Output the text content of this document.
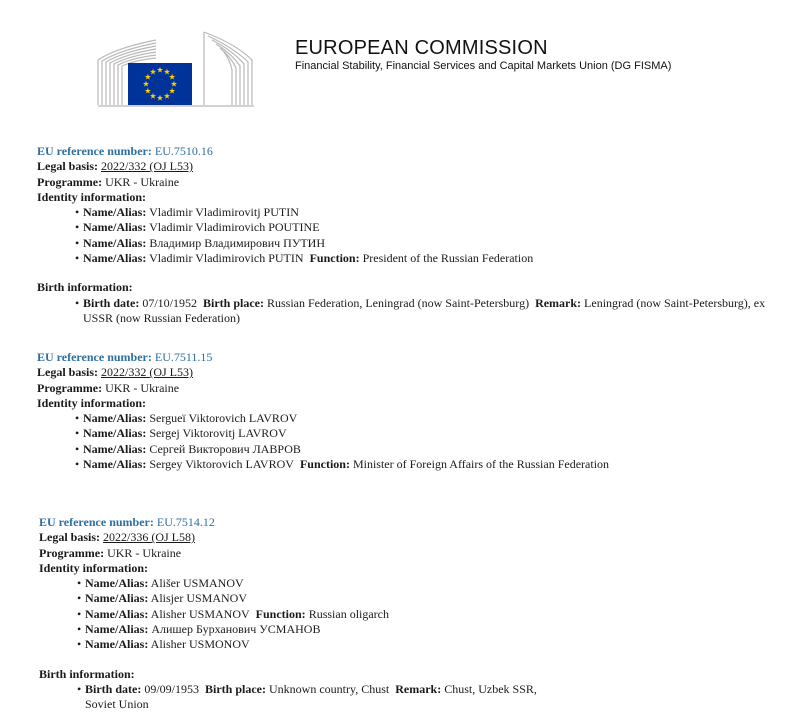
EUROPEAN COMMISSION
Financial Stability, Financial Services and Capital Markets Union (DG FISMA)
EU reference number: EU.7510.16
Legal basis: 2022/332 (OJ L53)
Programme: UKR - Ukraine
Identity information:
• Name/Alias: Vladimir Vladimirovitj PUTIN
• Name/Alias: Vladimir Vladimirovich POUTINE
• Name/Alias: Владимир Владимирович ПУТИН
• Name/Alias: Vladimir Vladimirovich PUTIN Function: President of the Russian Federation
Birth information:
• Birth date: 07/10/1952 Birth place: Russian Federation, Leningrad (now Saint-Petersburg) Remark: Leningrad (now Saint-Petersburg), ex
USSR (now Russian Federation)
EU reference number: EU.7511.15
Legal basis: 2022/332 (OJ L53)
Programme: UKR - Ukraine
Identity information:
• Name/Alias: Sergueï Viktorovich LAVROV
• Name/Alias: Sergej Viktorovitj LAVROV
• Name/Alias: Сергей Викторович ЛАВРОВ
• Name/Alias: Sergey Viktorovich LAVROV Function: Minister of Foreign Affairs of the Russian Federation
EU reference number: EU.7514.12
Legal basis: 2022/336 (OJ L58)
Programme: UKR - Ukraine
Identity information:
• Name/Alias: Ališer USMANOV
• Name/Alias: Alisjer USMANOV
• Name/Alias: Alisher USMANOV Function: Russian oligarch
• Name/Alias: Алишер Бурханович УСМАНОВ
• Name/Alias: Alisher USMONOV
Birth information:
• Birth date: 09/09/1953 Birth place: Unknown country, Chust Remark: Chust, Uzbek SSR,
Soviet Union
